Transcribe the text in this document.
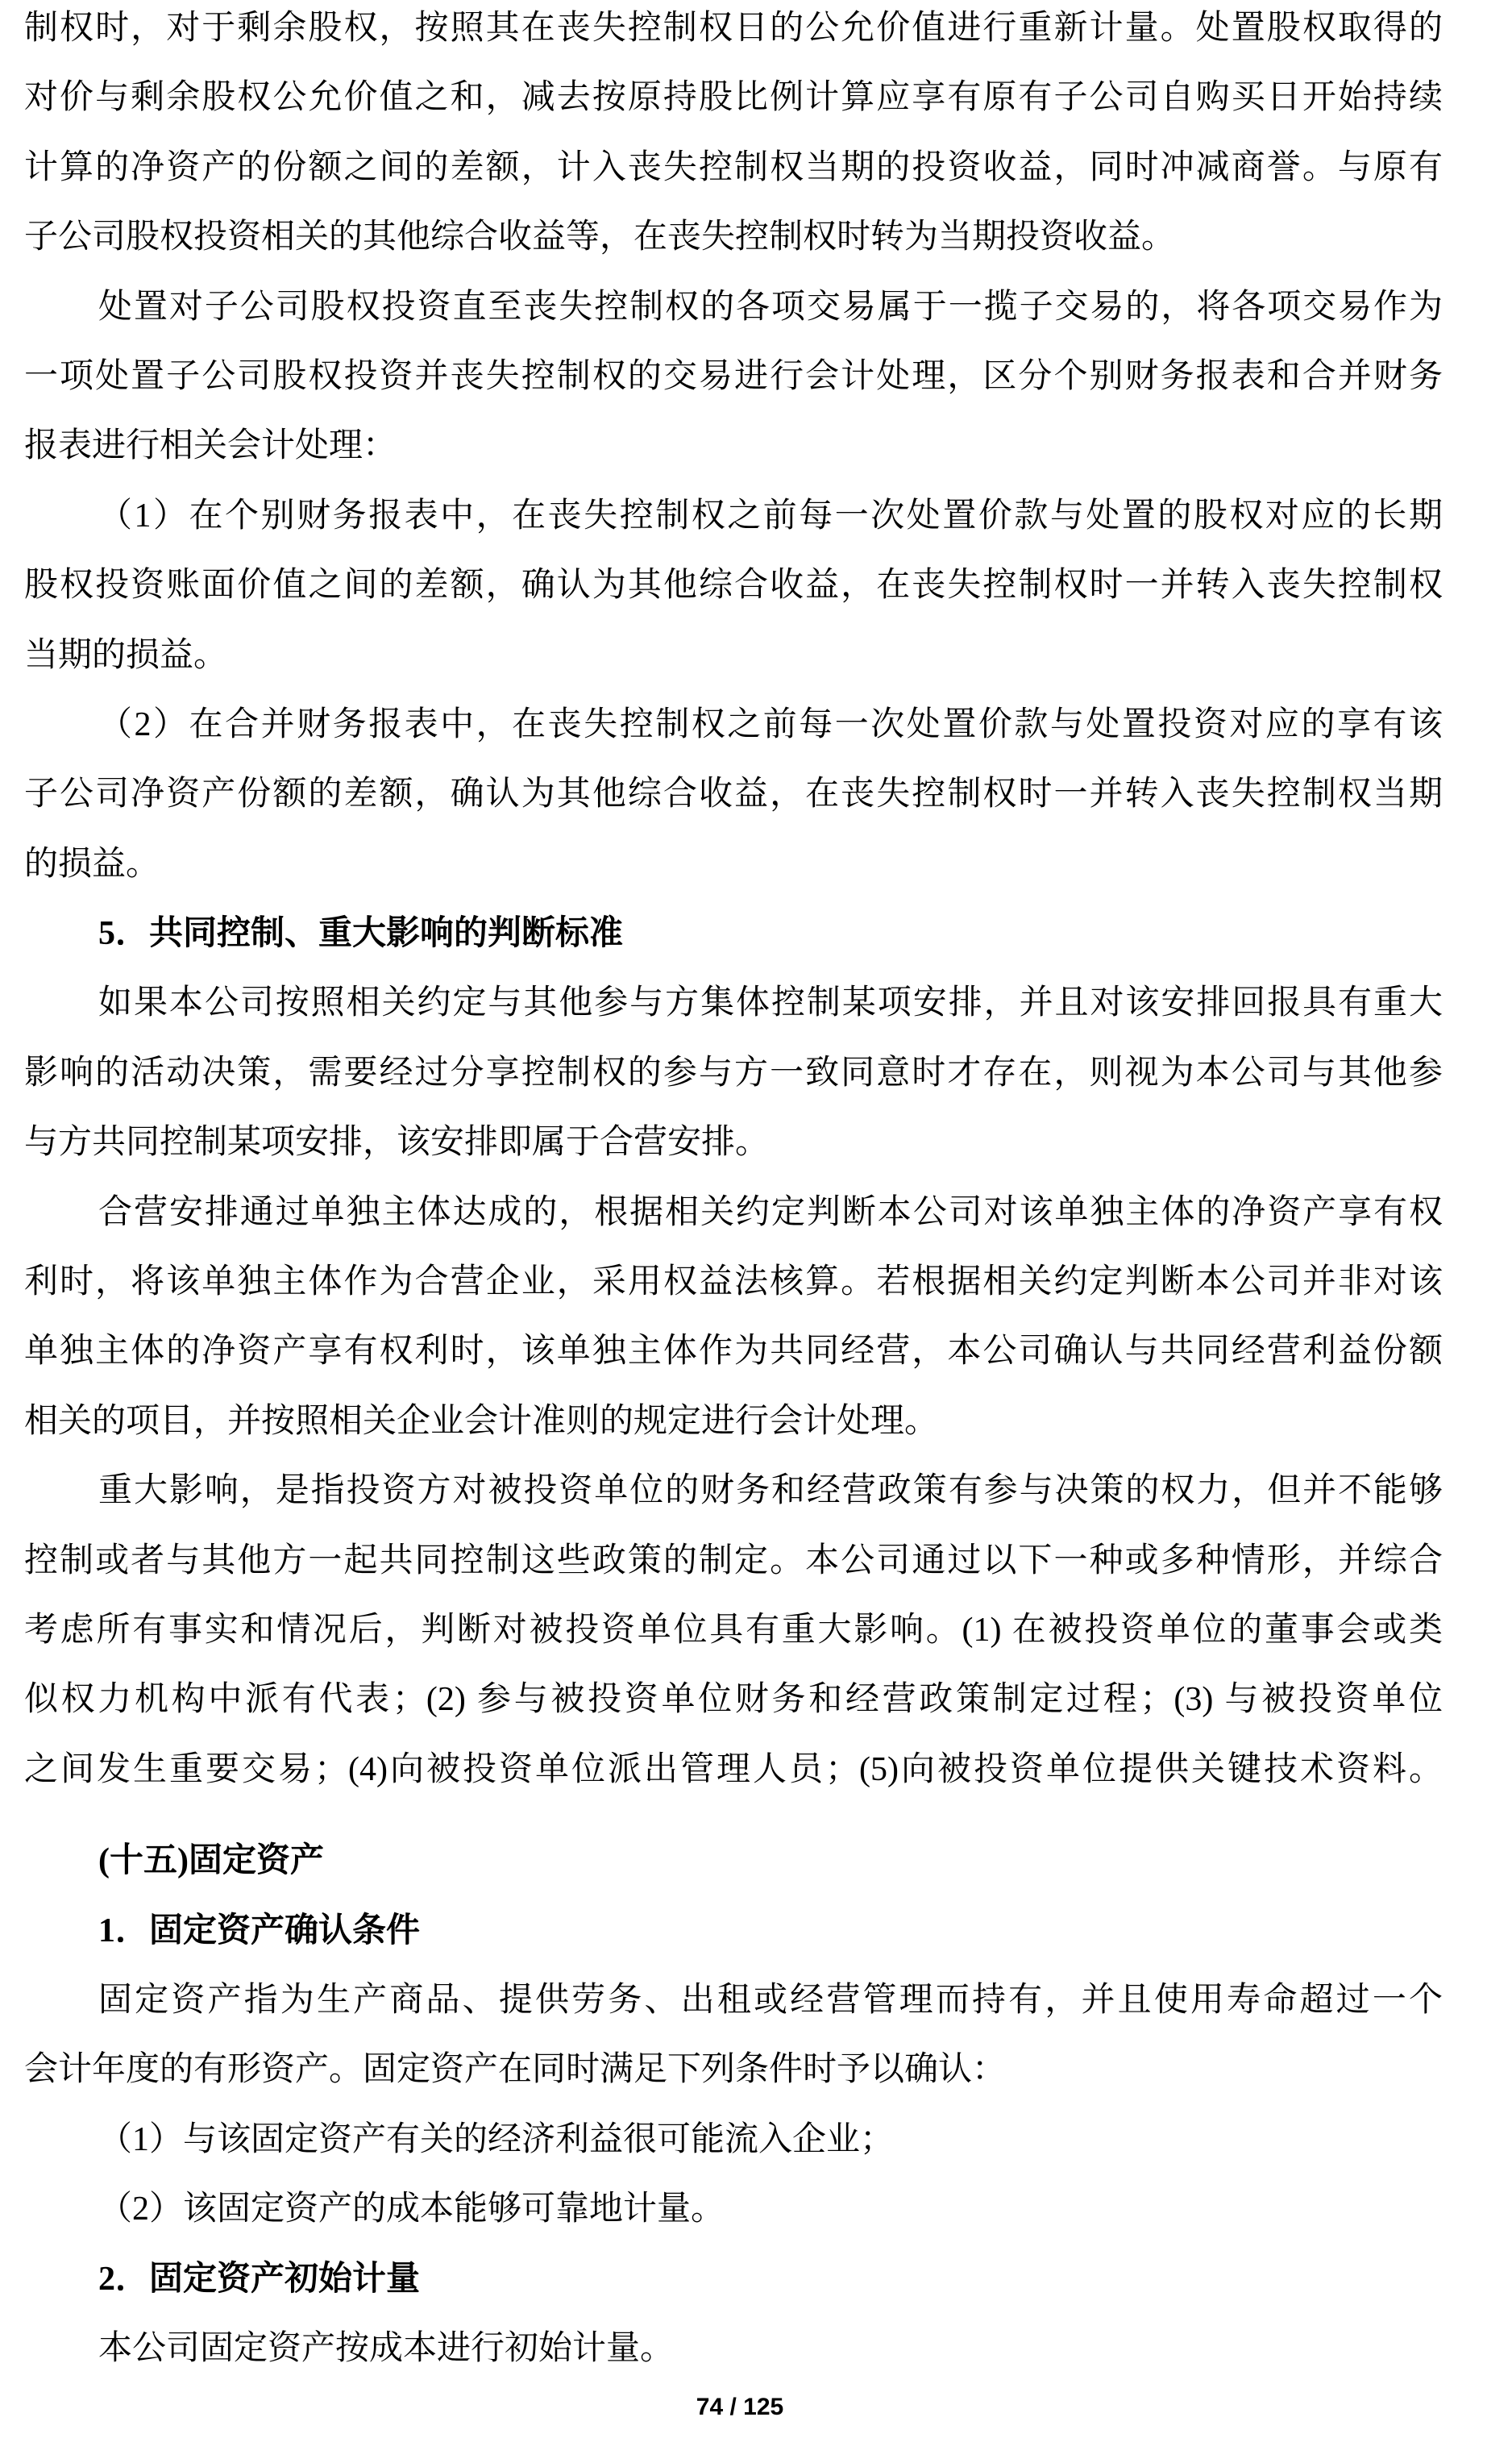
制权时，对于剩余股权，按照其在丧失控制权日的公允价值进行重新计量。处置股权取得的
对价与剩余股权公允价值之和，减去按原持股比例计算应享有原有子公司自购买日开始持续
计算的净资产的份额之间的差额，计入丧失控制权当期的投资收益，同时冲减商誉。与原有
子公司股权投资相关的其他综合收益等，在丧失控制权时转为当期投资收益。
处置对子公司股权投资直至丧失控制权的各项交易属于一揽子交易的，将各项交易作为
一项处置子公司股权投资并丧失控制权的交易进行会计处理，区分个别财务报表和合并财务
报表进行相关会计处理：
（1）在个别财务报表中，在丧失控制权之前每一次处置价款与处置的股权对应的长期
股权投资账面价值之间的差额，确认为其他综合收益，在丧失控制权时一并转入丧失控制权
当期的损益。
（2）在合并财务报表中，在丧失控制权之前每一次处置价款与处置投资对应的享有该
子公司净资产份额的差额，确认为其他综合收益，在丧失控制权时一并转入丧失控制权当期
的损益。
5．共同控制、重大影响的判断标准
如果本公司按照相关约定与其他参与方集体控制某项安排，并且对该安排回报具有重大
影响的活动决策，需要经过分享控制权的参与方一致同意时才存在，则视为本公司与其他参
与方共同控制某项安排，该安排即属于合营安排。
合营安排通过单独主体达成的，根据相关约定判断本公司对该单独主体的净资产享有权
利时，将该单独主体作为合营企业，采用权益法核算。若根据相关约定判断本公司并非对该
单独主体的净资产享有权利时，该单独主体作为共同经营，本公司确认与共同经营利益份额
相关的项目，并按照相关企业会计准则的规定进行会计处理。
重大影响，是指投资方对被投资单位的财务和经营政策有参与决策的权力，但并不能够
控制或者与其他方一起共同控制这些政策的制定。本公司通过以下一种或多种情形，并综合
考虑所有事实和情况后，判断对被投资单位具有重大影响。(1) 在被投资单位的董事会或类
似权力机构中派有代表；(2) 参与被投资单位财务和经营政策制定过程；(3) 与被投资单位
之间发生重要交易；(4)向被投资单位派出管理人员；(5)向被投资单位提供关键技术资料。
(十五)固定资产
1．固定资产确认条件
固定资产指为生产商品、提供劳务、出租或经营管理而持有，并且使用寿命超过一个
会计年度的有形资产。固定资产在同时满足下列条件时予以确认：
（1）与该固定资产有关的经济利益很可能流入企业；
（2）该固定资产的成本能够可靠地计量。
2．固定资产初始计量
本公司固定资产按成本进行初始计量。
74 / 125
